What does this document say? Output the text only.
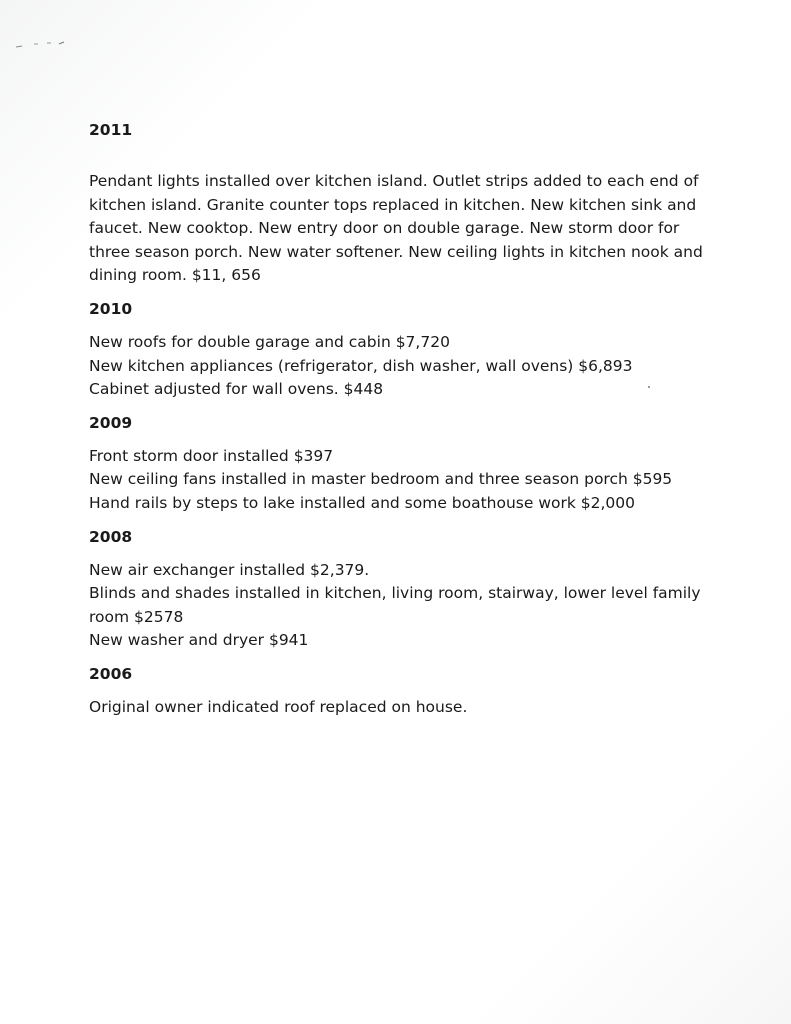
2011

Pendant lights installed over kitchen island. Outlet strips added to each end of kitchen island. Granite counter tops replaced in kitchen. New kitchen sink and faucet. New cooktop. New entry door on double garage. New storm door for three season porch. New water softener. New ceiling lights in kitchen nook and dining room. $11, 656

2010

New roofs for double garage and cabin $7,720

New kitchen appliances (refrigerator, dish washer, wall ovens) $6,893

Cabinet adjusted for wall ovens. $448

2009

Front storm door installed $397

New ceiling fans installed in master bedroom and three season porch $595

Hand rails by steps to lake installed and some boathouse work $2,000

2008

New air exchanger installed $2,379.

Blinds and shades installed in kitchen, living room, stairway, lower level family room $2578

New washer and dryer $941

2006

Original owner indicated roof replaced on house.
